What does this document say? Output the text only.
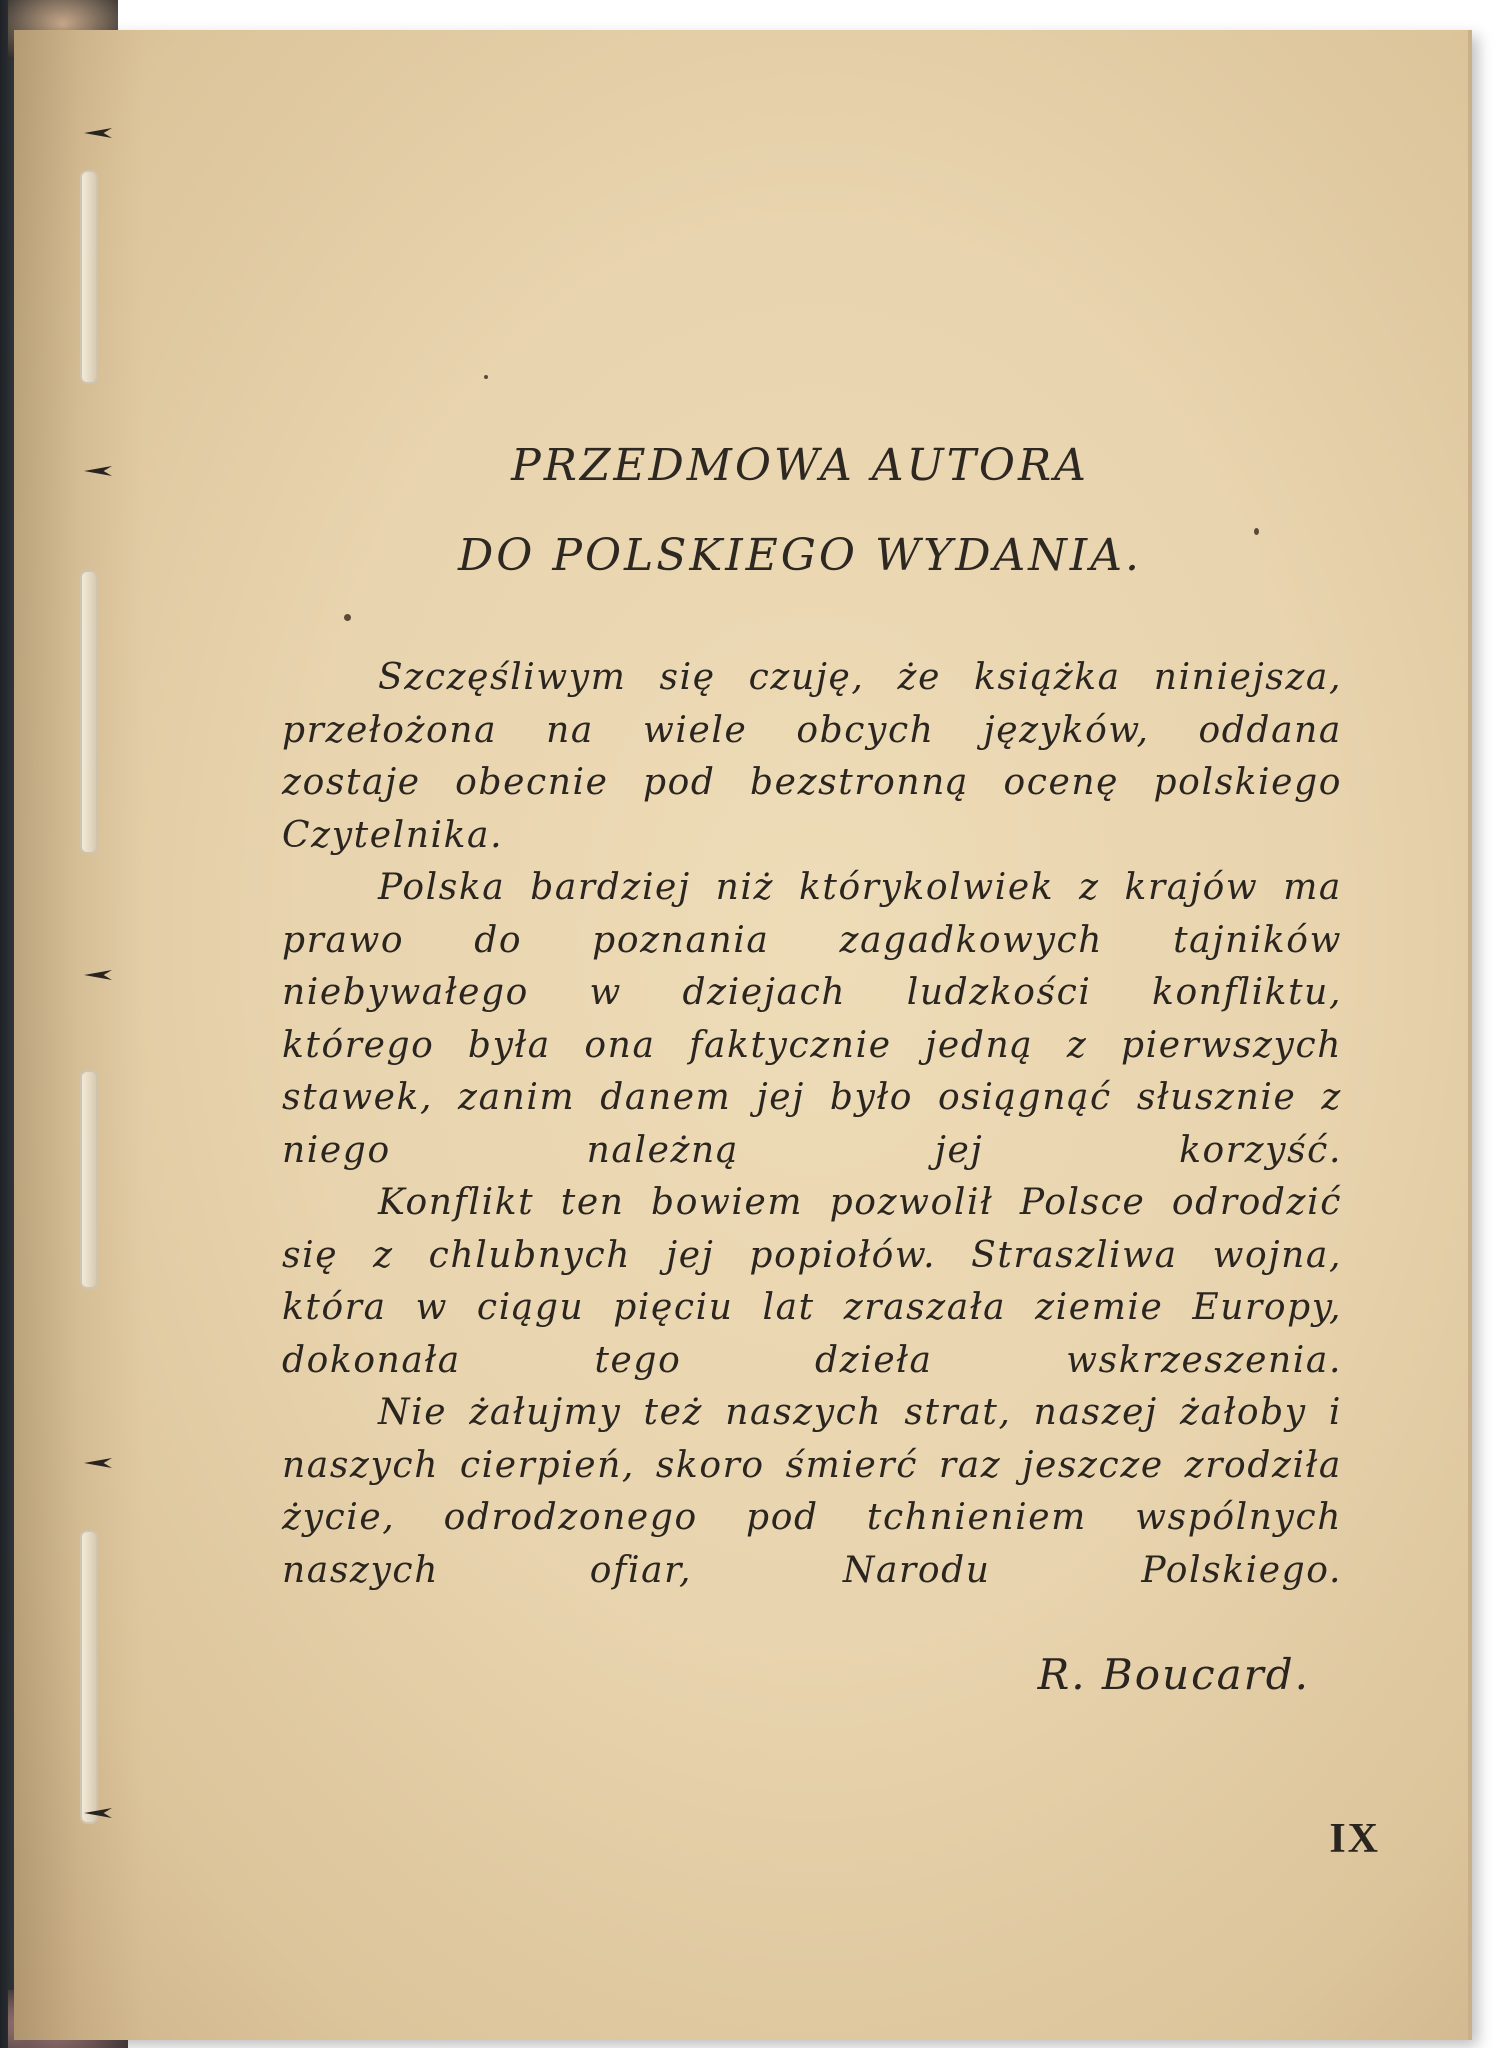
PRZEDMOWA AUTORA
DO POLSKIEGO WYDANIA.

Szczęśliwym się czuję, że książka niniejsza, przełożona na wiele obcych języków, oddana zostaje obecnie pod bezstronną ocenę polskiego Czytelnika.

Polska bardziej niż którykolwiek z krajów ma prawo do poznania zagadkowych tajników niebywałego w dziejach ludzkości konfliktu, którego była ona faktycznie jedną z pierwszych stawek, zanim danem jej było osiągnąć słusznie z niego należną jej korzyść.

Konflikt ten bowiem pozwolił Polsce odrodzić się z chlubnych jej popiołów. Straszliwa wojna, która w ciągu pięciu lat zraszała ziemie Europy, dokonała tego dzieła wskrzeszenia.

Nie żałujmy też naszych strat, naszej żałoby i naszych cierpień, skoro śmierć raz jeszcze zrodziła życie, odrodzonego pod tchnieniem wspólnych naszych ofiar, Narodu Polskiego.

R. Boucard.
IX
